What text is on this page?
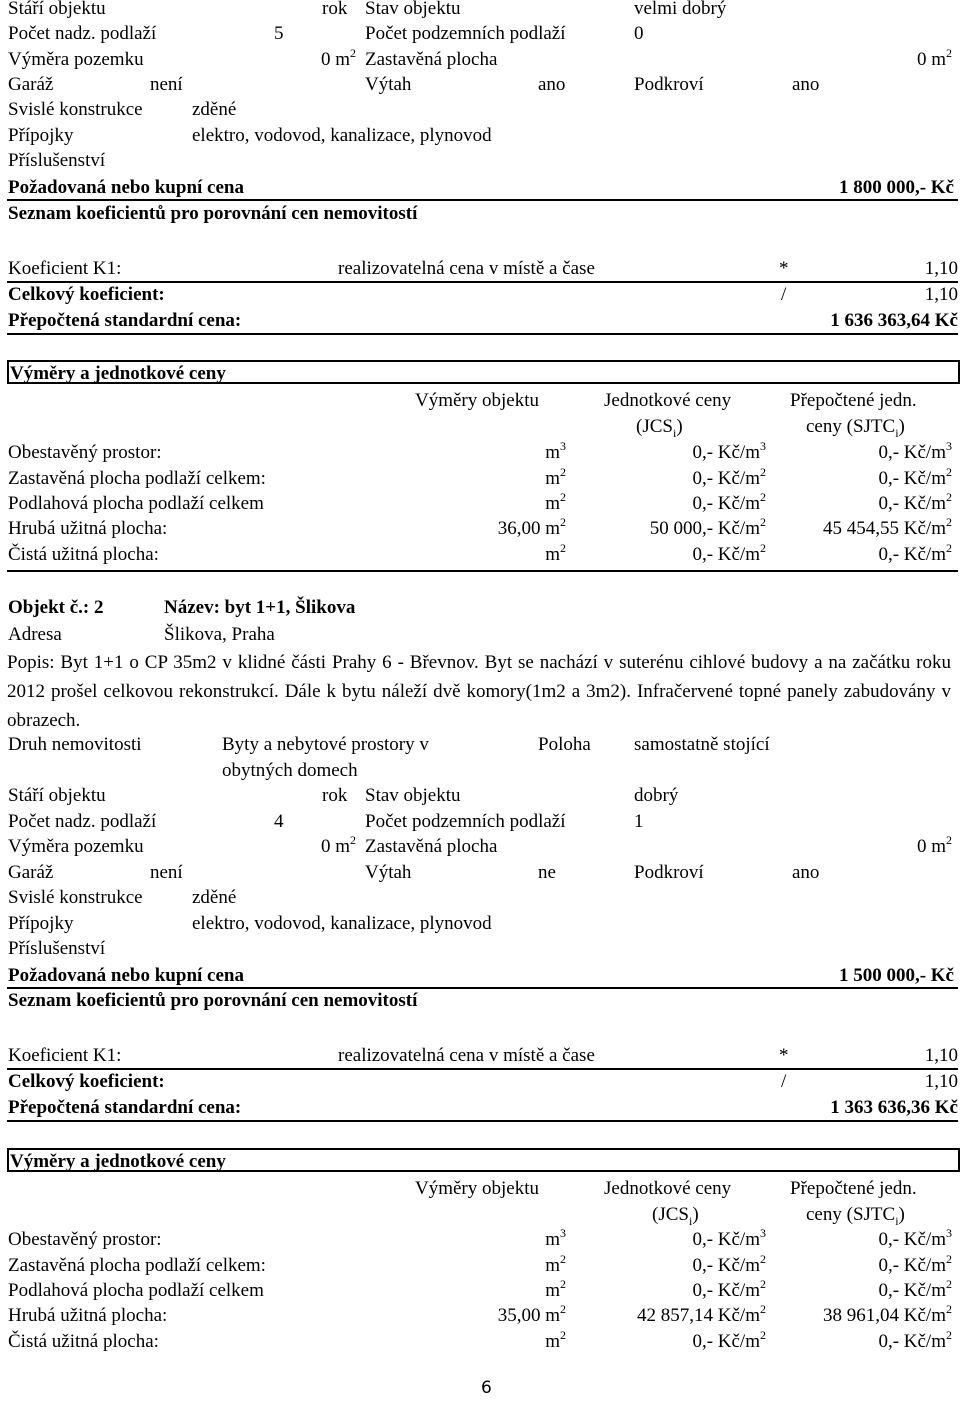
Stáří objektu	rok Stav objektu	velmi dobrý
Počet nadz. podlaží	5	Počet podzemních podlaží	0
Výměra pozemku	0 $m^2$ Zastavěná plocha	0 $m^2$
Garáž	není	Výtah	ano	Podkroví	ano
Svislé konstrukce	zděné
Přípojky	elektro, vodovod, kanalizace, plynovod
Příslušenství
Požadovaná nebo kupní cena	1 800 000,- Kč
Seznam koeficientů pro porovnání cen nemovitostí
Koeficient K1:	realizovatelná cena v místě a čase	*	1,10
Celkový koeficient:	/	1,10
Přepočtená standardní cena:	1 636 363,64 Kč
Výměry a jednotkové ceny
Výměry objektu	Jednotkové ceny	Přepočtené jedn.
$(JCS_i)$	ceny $(SJTC_i)$
Obestavěný prostor:	$m^3$	0,- $Kč/m^3$	0,- $Kč/m^3$
Zastavěná plocha podlaží celkem:	$m^2$	0,- $Kč/m^2$	0,- $Kč/m^2$
Podlahová plocha podlaží celkem	$m^2$	0,- $Kč/m^2$	0,- $Kč/m^2$
Hrubá užitná plocha:	36,00 $m^2$	50 000,- $Kč/m^2$	45 454,55 $Kč/m^2$
Čistá užitná plocha:	$m^2$	0,- $Kč/m^2$	0,- $Kč/m^2$
Objekt č.: 2	Název: byt 1+1, Šlikova
Adresa	Šlikova, Praha
Popis: Byt 1+1 o CP 35m2 v klidné části Prahy 6 - Břevnov. Byt se nachází v suterénu cihlové budovy a na začátku roku 2012 prošel celkovou rekonstrukcí. Dále k bytu náleží dvě komory(1m2 a 3m2). Infračervené topné panely zabudovány v obrazech.
Druh nemovitosti	Byty a nebytové prostory v
obytných domech
Poloha samostatně stojící
Stáří objektu	rok Stav objektu	dobrý
Počet nadz. podlaží	4	Počet podzemních podlaží	1
Výměra pozemku	0 $m^2$ Zastavěná plocha	0 $m^2$
Garáž	není	Výtah	ne	Podkroví	ano
Svislé konstrukce	zděné
Přípojky	elektro, vodovod, kanalizace, plynovod
Příslušenství
Požadovaná nebo kupní cena	1 500 000,- Kč
Seznam koeficientů pro porovnání cen nemovitostí
Koeficient K1:	realizovatelná cena v místě a čase	*	1,10
Celkový koeficient:	/	1,10
Přepočtená standardní cena:	1 363 636,36 Kč
Výměry a jednotkové ceny
Výměry objektu	Jednotkové ceny	Přepočtené jedn.
$(JCS_i)$	ceny $(SJTC_i)$
Obestavěný prostor:	$m^3$	0,- $Kč/m^3$	0,- $Kč/m^3$
Zastavěná plocha podlaží celkem:	$m^2$	0,- $Kč/m^2$	0,- $Kč/m^2$
Podlahová plocha podlaží celkem	$m^2$	0,- $Kč/m^2$	0,- $Kč/m^2$
Hrubá užitná plocha:	35,00 $m^2$	42 857,14 $Kč/m^2$	38 961,04 $Kč/m^2$
Čistá užitná plocha:	$m^2$	0,- $Kč/m^2$	0,- $Kč/m^2$
6
